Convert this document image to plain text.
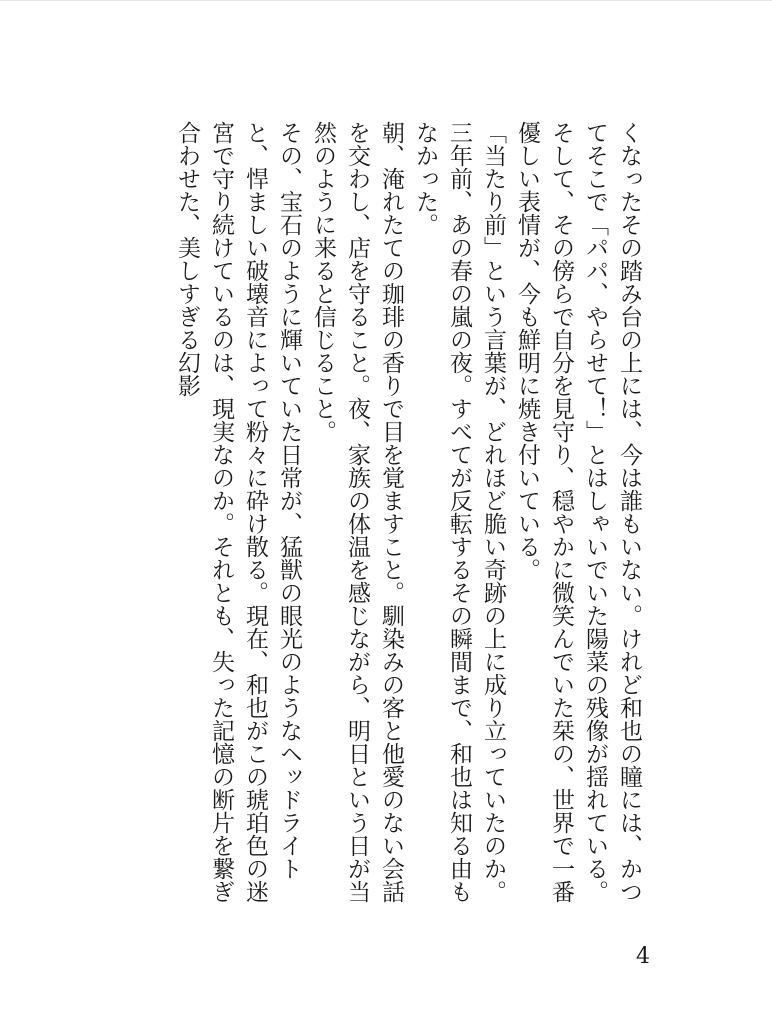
くなったその踏み台の上には、今は誰もいない。けれど和也の瞳には、かつてそこで「パパ、やらせて！」とはしゃいでいた陽菜の残像が揺れている。そして、その傍らで自分を見守り、穏やかに微笑んでいた栞の、世界で一番優しい表情が、今も鮮明に焼き付いている。

「当たり前」という言葉が、どれほど脆い奇跡の上に成り立っていたのか。三年前、あの春の嵐の夜。すべてが反転するその瞬間まで、和也は知る由もなかった。

朝、淹れたての珈琲の香りで目を覚ますこと。馴染みの客と他愛のない会話を交わし、店を守ること。夜、家族の体温を感じながら、明日という日が当然のように来ると信じること。

その、宝石のように輝いていた日常が、猛獣の眼光のようなヘッドライトと、悍ましい破壊音によって粉々に砕け散る。現在、和也がこの琥珀色の迷宮で守り続けているのは、現実なのか。それとも、失った記憶の断片を繋ぎ合わせた、美しすぎる幻影

4
